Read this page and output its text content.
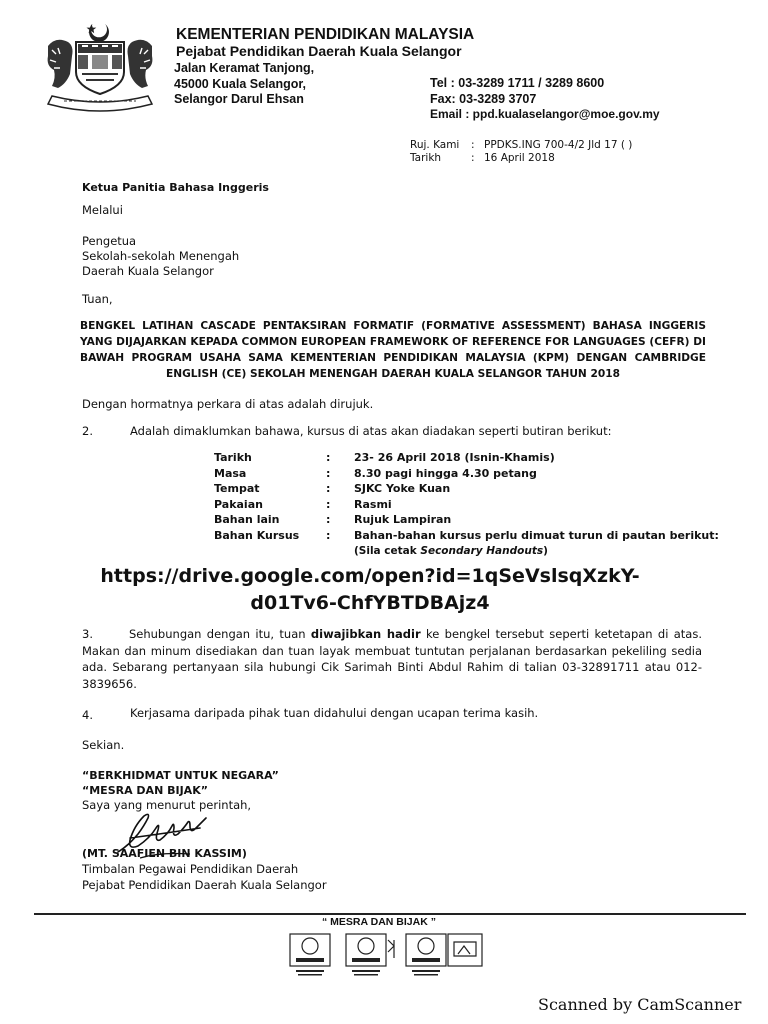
KEMENTERIAN PENDIDIKAN MALAYSIA
Pejabat Pendidikan Daerah Kuala Selangor
Jalan Keramat Tanjong,
45000 Kuala Selangor,
Selangor Darul Ehsan
Tel : 03-3289 1711 / 3289 8600
Fax: 03-3289 3707
Email : ppd.kualaselangor@moe.gov.my
Ruj. Kami : PPDKS.ING 700-4/2 Jld 17 ( )
Tarikh	: 16 April 2018
Ketua Panitia Bahasa Inggeris
Melalui
Pengetua
Sekolah-sekolah Menengah
Daerah Kuala Selangor
Tuan,
BENGKEL LATIHAN CASCADE PENTAKSIRAN FORMATIF (FORMATIVE ASSESSMENT) BAHASA INGGERIS YANG DIJAJARKAN KEPADA COMMON EUROPEAN FRAMEWORK OF REFERENCE FOR LANGUAGES (CEFR) DI BAWAH PROGRAM USAHA SAMA KEMENTERIAN PENDIDIKAN MALAYSIA (KPM) DENGAN CAMBRIDGE ENGLISH (CE) SEKOLAH MENENGAH DAERAH KUALA SELANGOR TAHUN 2018
Dengan hormatnya perkara di atas adalah dirujuk.
2.	Adalah dimaklumkan bahawa, kursus di atas akan diadakan seperti butiran berikut:
Tarikh	:	23- 26 April 2018 (Isnin-Khamis)
Masa	:	8.30 pagi hingga 4.30 petang
Tempat	:	SJKC Yoke Kuan
Pakaian	:	Rasmi
Bahan lain	:	Rujuk Lampiran
Bahan Kursus	:	Bahan-bahan kursus perlu dimuat turun di pautan berikut:
		(Sila cetak Secondary Handouts)
https://drive.google.com/open?id=1qSeVslsqXzkY-
d01Tv6-ChfYBTDBAjz4
3.	Sehubungan dengan itu, tuan diwajibkan hadir ke bengkel tersebut seperti ketetapan di atas. Makan dan minum disediakan dan tuan layak membuat tuntutan perjalanan berdasarkan pekeliling sedia ada. Sebarang pertanyaan sila hubungi Cik Sarimah Binti Abdul Rahim di talian 03-32891711 atau 012-3839656.
4.	Kerjasama daripada pihak tuan didahului dengan ucapan terima kasih.
Sekian.
“BERKHIDMAT UNTUK NEGARA”
“MESRA DAN BIJAK”
Saya yang menurut perintah,
(MT. SAAFIEN BIN KASSIM)
Timbalan Pegawai Pendidikan Daerah
Pejabat Pendidikan Daerah Kuala Selangor
“ MESRA DAN BIJAK ”
Scanned by CamScanner
